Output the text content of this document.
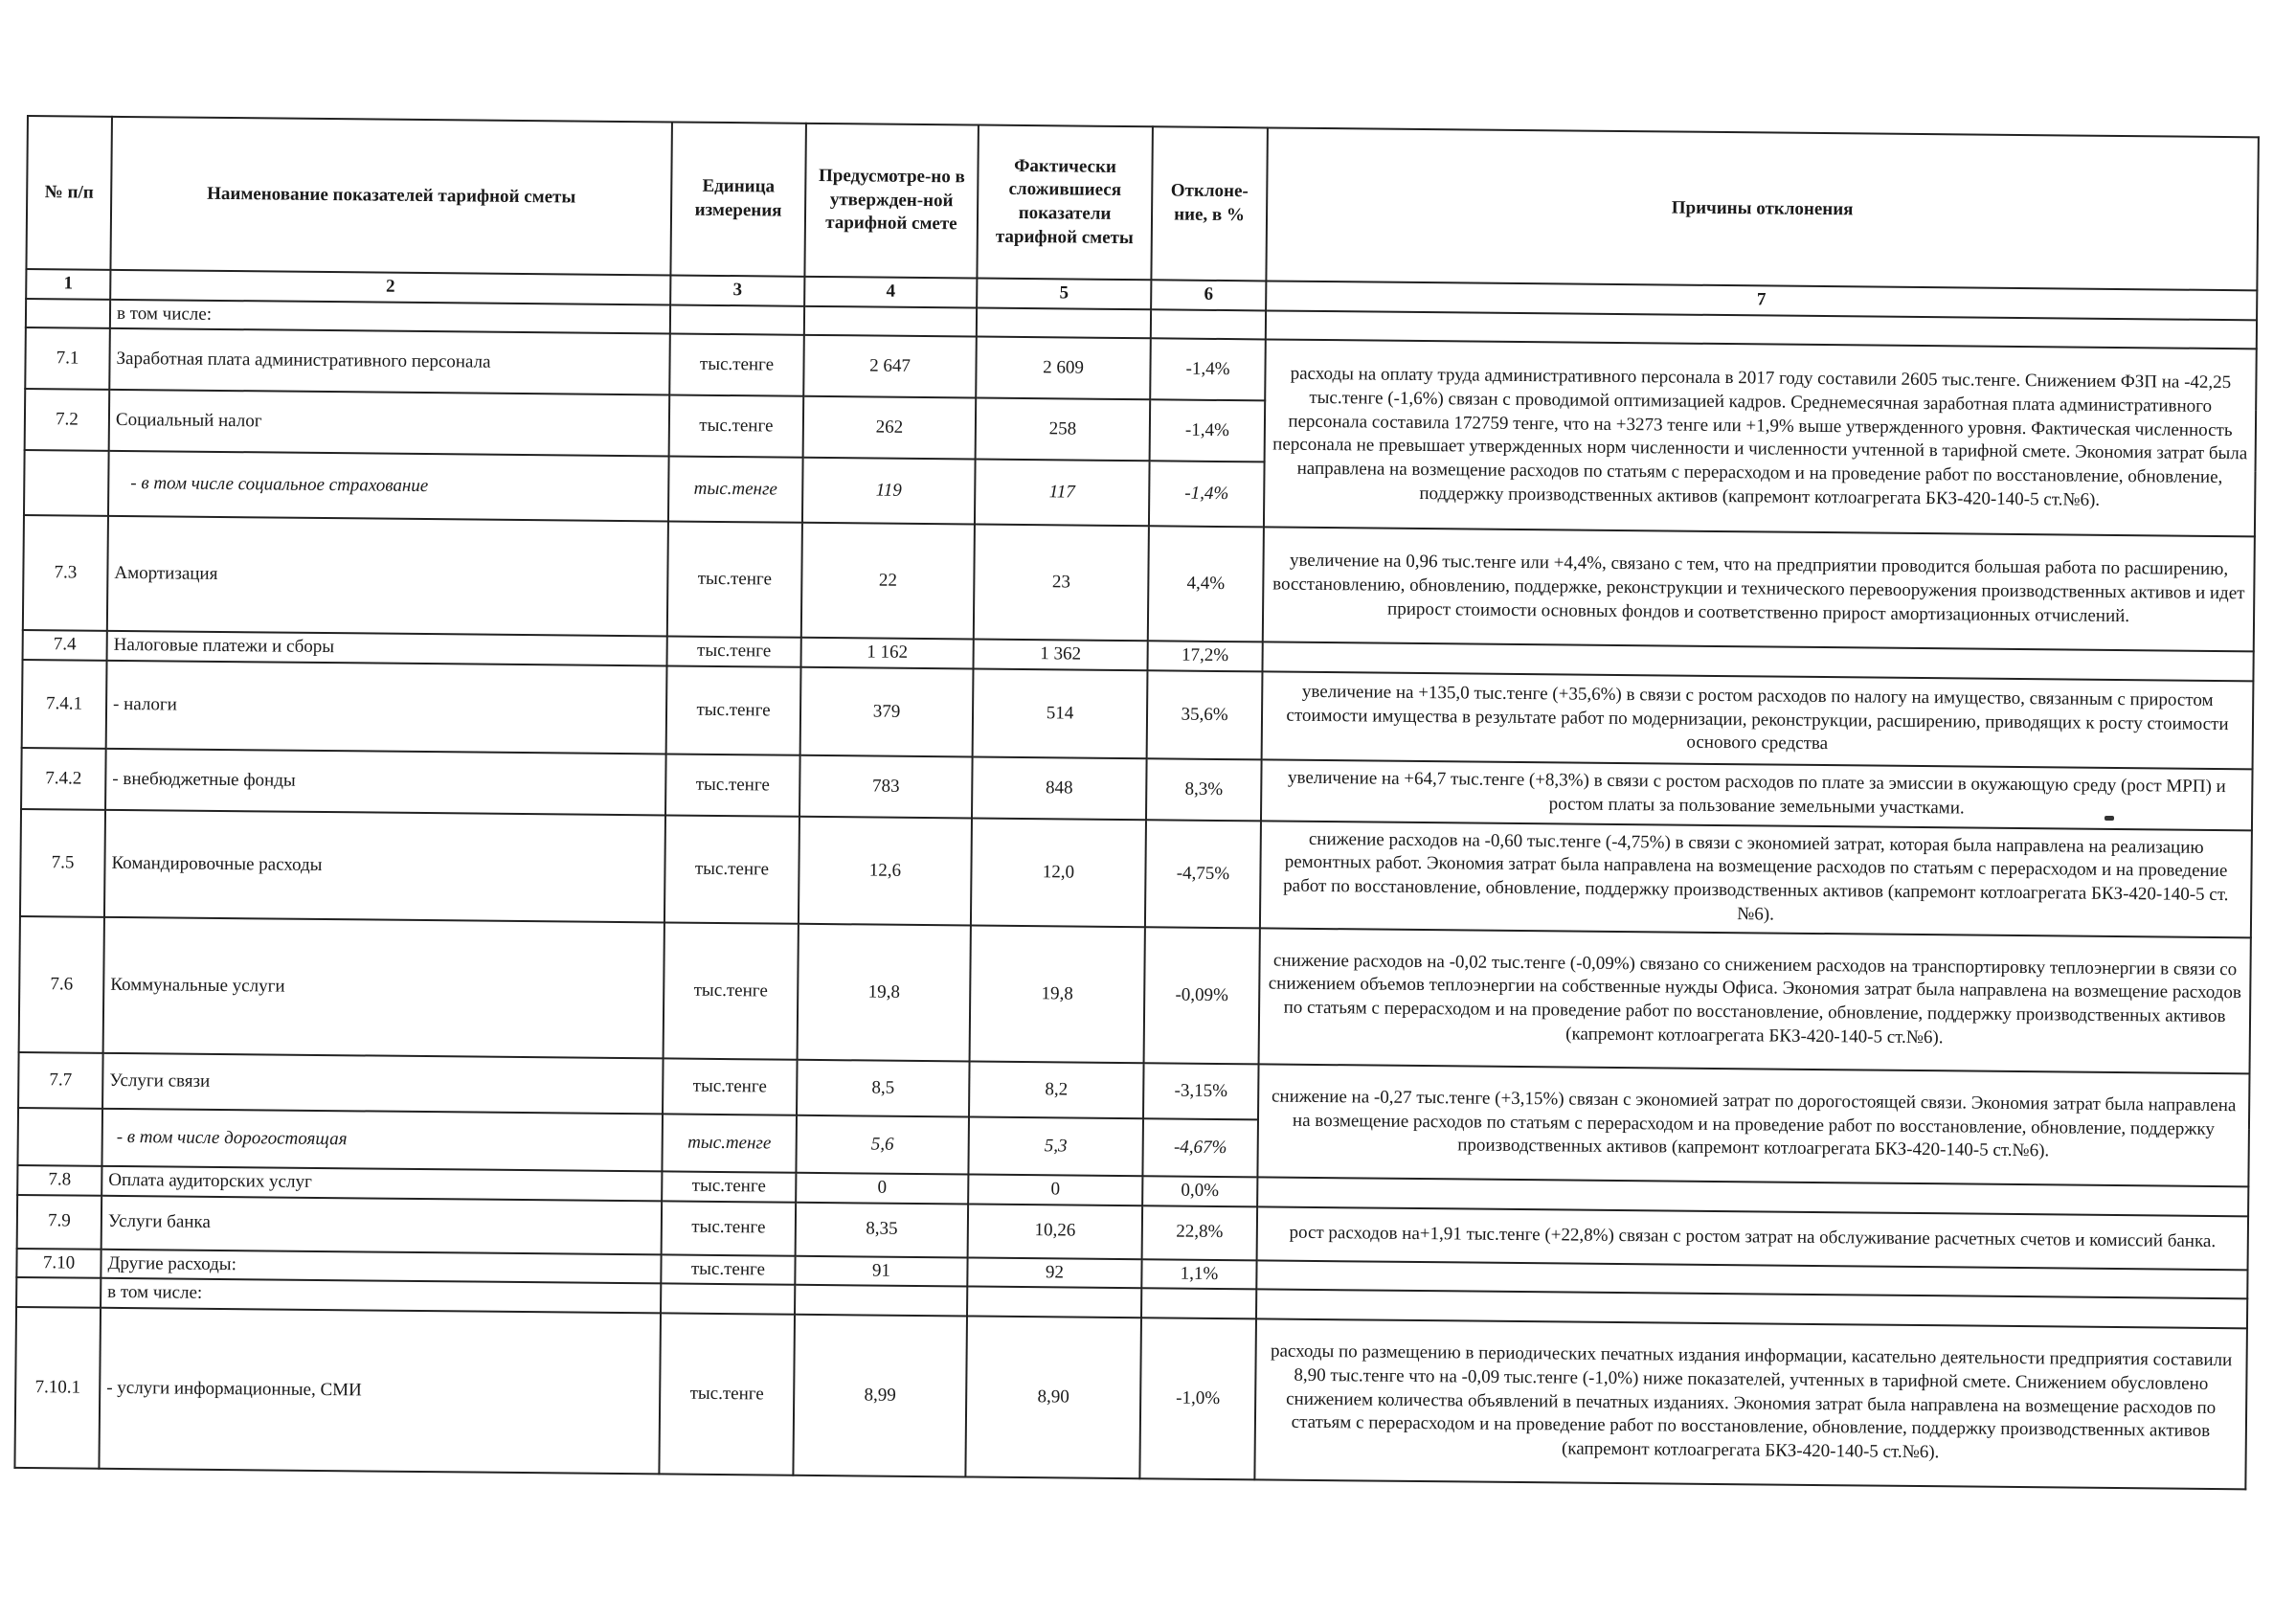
№ п/п	Наименование показателей тарифной сметы	Единица измерения	Предусмотре-но в утвержден-ной тарифной смете	Фактически сложившиеся показатели тарифной сметы	Отклоне-ние, в %	Причины отклонения
1	2	3	4	5	6	7
	в том числе:					
7.1	Заработная плата административного персонала	тыс.тенге	2 647	2 609	-1,4%	расходы на оплату труда административного персонала в 2017 году составили 2605 тыс.тенге. Снижением ФЗП на -42,25 тыс.тенге (-1,6%) связан с проводимой оптимизацией кадров. Среднемесячная заработная плата административного персонала составила 172759 тенге, что на +3273 тенге или +1,9% выше утвержденного уровня. Фактическая численность персонала не превышает утвержденных норм численности и численности учтенной в тарифной смете. Экономия затрат была направлена на возмещение расходов по статьям с перерасходом и на проведение работ по восстановление, обновление, поддержку производственных активов (капремонт котлоагрегата БКЗ-420-140-5 ст.№6).
7.2	Социальный налог	тыс.тенге	262	258	-1,4%	
	- в том числе социальное страхование	тыс.тенге	119	117	-1,4%	
7.3	Амортизация	тыс.тенге	22	23	4,4%	увеличение на 0,96 тыс.тенге или +4,4%, связано с тем, что на предприятии проводится большая работа по расширению, восстановлению, обновлению, поддержке, реконструкции и технического перевооружения производственных активов и идет прирост стоимости основных фондов и соответственно прирост амортизационных отчислений.
7.4	Налоговые платежи и сборы	тыс.тенге	1 162	1 362	17,2%	
7.4.1	- налоги	тыс.тенге	379	514	35,6%	увеличение на +135,0 тыс.тенге (+35,6%) в связи с ростом расходов по налогу на имущество, связанным с приростом стоимости имущества в результате работ по модернизации, реконструкции, расширению, приводящих к росту стоимости основого средства
7.4.2	- внебюджетные фонды	тыс.тенге	783	848	8,3%	увеличение на +64,7 тыс.тенге (+8,3%) в связи с ростом расходов по плате за эмиссии в окужающую среду (рост МРП) и ростом платы за пользование земельными участками.
7.5	Командировочные расходы	тыс.тенге	12,6	12,0	-4,75%	снижение расходов на -0,60 тыс.тенге (-4,75%) в связи с экономией затрат, которая была направлена на реализацию ремонтных работ. Экономия затрат была направлена на возмещение расходов по статьям с перерасходом и на проведение работ по восстановление, обновление, поддержку производственных активов (капремонт котлоагрегата БКЗ-420-140-5 ст.№6).
7.6	Коммунальные услуги	тыс.тенге	19,8	19,8	-0,09%	снижение расходов на -0,02 тыс.тенге (-0,09%) связано со снижением расходов на транспортировку теплоэнергии в связи со снижением объемов теплоэнергии на собственные нужды Офиса. Экономия затрат была направлена на возмещение расходов по статьям с перерасходом и на проведение работ по восстановление, обновление, поддержку производственных активов (капремонт котлоагрегата БКЗ-420-140-5 ст.№6).
7.7	Услуги связи	тыс.тенге	8,5	8,2	-3,15%	снижение на -0,27 тыс.тенге (+3,15%) связан с экономией затрат по дорогостоящей связи. Экономия затрат была направлена на возмещение расходов по статьям с перерасходом и на проведение работ по восстановление, обновление, поддержку производственных активов (капремонт котлоагрегата БКЗ-420-140-5 ст.№6).
	- в том числе дорогостоящая	тыс.тенге	5,6	5,3	-4,67%	
7.8	Оплата аудиторских услуг	тыс.тенге	0	0	0,0%	
7.9	Услуги банка	тыс.тенге	8,35	10,26	22,8%	рост расходов на+1,91 тыс.тенге (+22,8%) связан с ростом затрат на обслуживание расчетных счетов и комиссий банка.
7.10	Другие расходы:	тыс.тенге	91	92	1,1%	
	в том числе:					
7.10.1	- услуги информационные, СМИ	тыс.тенге	8,99	8,90	-1,0%	расходы по размещению в периодических печатных издания информации, касательно деятельности предприятия составили 8,90 тыс.тенге что на -0,09 тыс.тенге (-1,0%) ниже показателей, учтенных в тарифной смете. Снижением обусловлено снижением количества объявлений в печатных изданиях. Экономия затрат была направлена на возмещение расходов по статьям с перерасходом и на проведение работ по восстановление, обновление, поддержку производственных активов (капремонт котлоагрегата БКЗ-420-140-5 ст.№6).
